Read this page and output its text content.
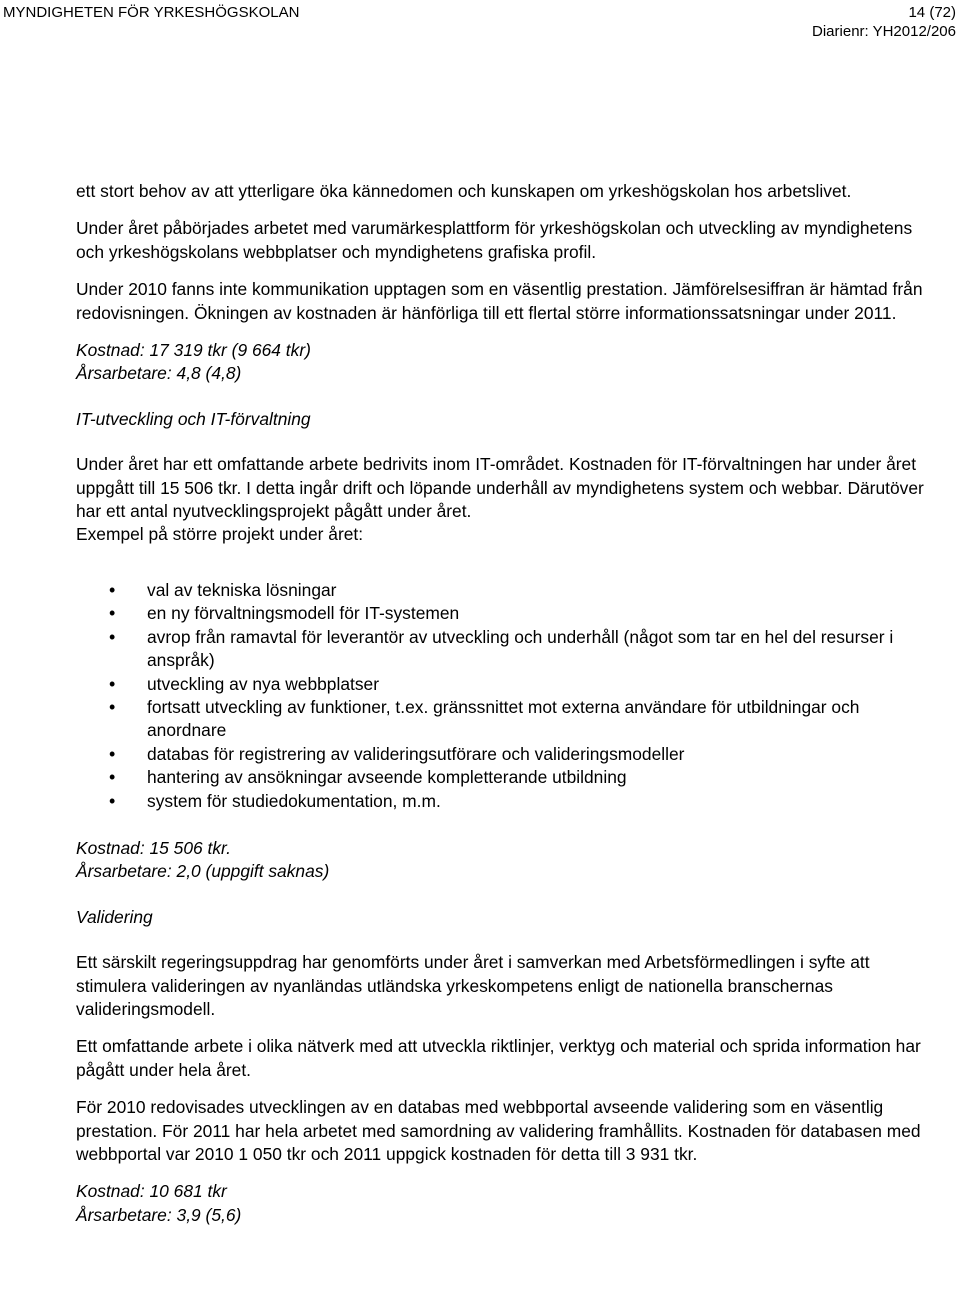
MYNDIGHETEN FÖR YRKESHÖGSKOLAN	14 (72)
Diarienr: YH2012/206

ett stort behov av att ytterligare öka kännedomen och kunskapen om yrkeshögskolan hos arbetslivet.

Under året påbörjades arbetet med varumärkesplattform för yrkeshögskolan och utveckling av myndighetens och yrkeshögskolans webbplatser och myndighetens grafiska profil.

Under 2010 fanns inte kommunikation upptagen som en väsentlig prestation. Jämförelsesiffran är hämtad från redovisningen. Ökningen av kostnaden är hänförliga till ett flertal större informationssatsningar under 2011.

Kostnad: 17 319 tkr (9 664 tkr)

Årsarbetare: 4,8 (4,8)

IT-utveckling och IT-förvaltning

Under året har ett omfattande arbete bedrivits inom IT-området. Kostnaden för IT-förvaltningen har under året uppgått till 15 506 tkr. I detta ingår drift och löpande underhåll av myndighetens system och webbar. Därutöver har ett antal nyutvecklingsprojekt pågått under året.

Exempel på större projekt under året:

• val av tekniska lösningar
• en ny förvaltningsmodell för IT-systemen
• avrop från ramavtal för leverantör av utveckling och underhåll (något som tar en hel del resurser i anspråk)
• utveckling av nya webbplatser
• fortsatt utveckling av funktioner, t.ex. gränssnittet mot externa användare för utbildningar och anordnare
• databas för registrering av valideringsutförare och valideringsmodeller
• hantering av ansökningar avseende kompletterande utbildning
• system för studiedokumentation, m.m.

Kostnad: 15 506 tkr.

Årsarbetare: 2,0 (uppgift saknas)

Validering

Ett särskilt regeringsuppdrag har genomförts under året i samverkan med Arbetsförmedlingen i syfte att stimulera valideringen av nyanländas utländska yrkeskompetens enligt de nationella branschernas valideringsmodell.

Ett omfattande arbete i olika nätverk med att utveckla riktlinjer, verktyg och material och sprida information har pågått under hela året.

För 2010 redovisades utvecklingen av en databas med webbportal avseende validering som en väsentlig prestation. För 2011 har hela arbetet med samordning av validering framhållits. Kostnaden för databasen med webbportal var 2010 1 050 tkr och 2011 uppgick kostnaden för detta till 3 931 tkr.

Kostnad: 10 681 tkr

Årsarbetare: 3,9 (5,6)
